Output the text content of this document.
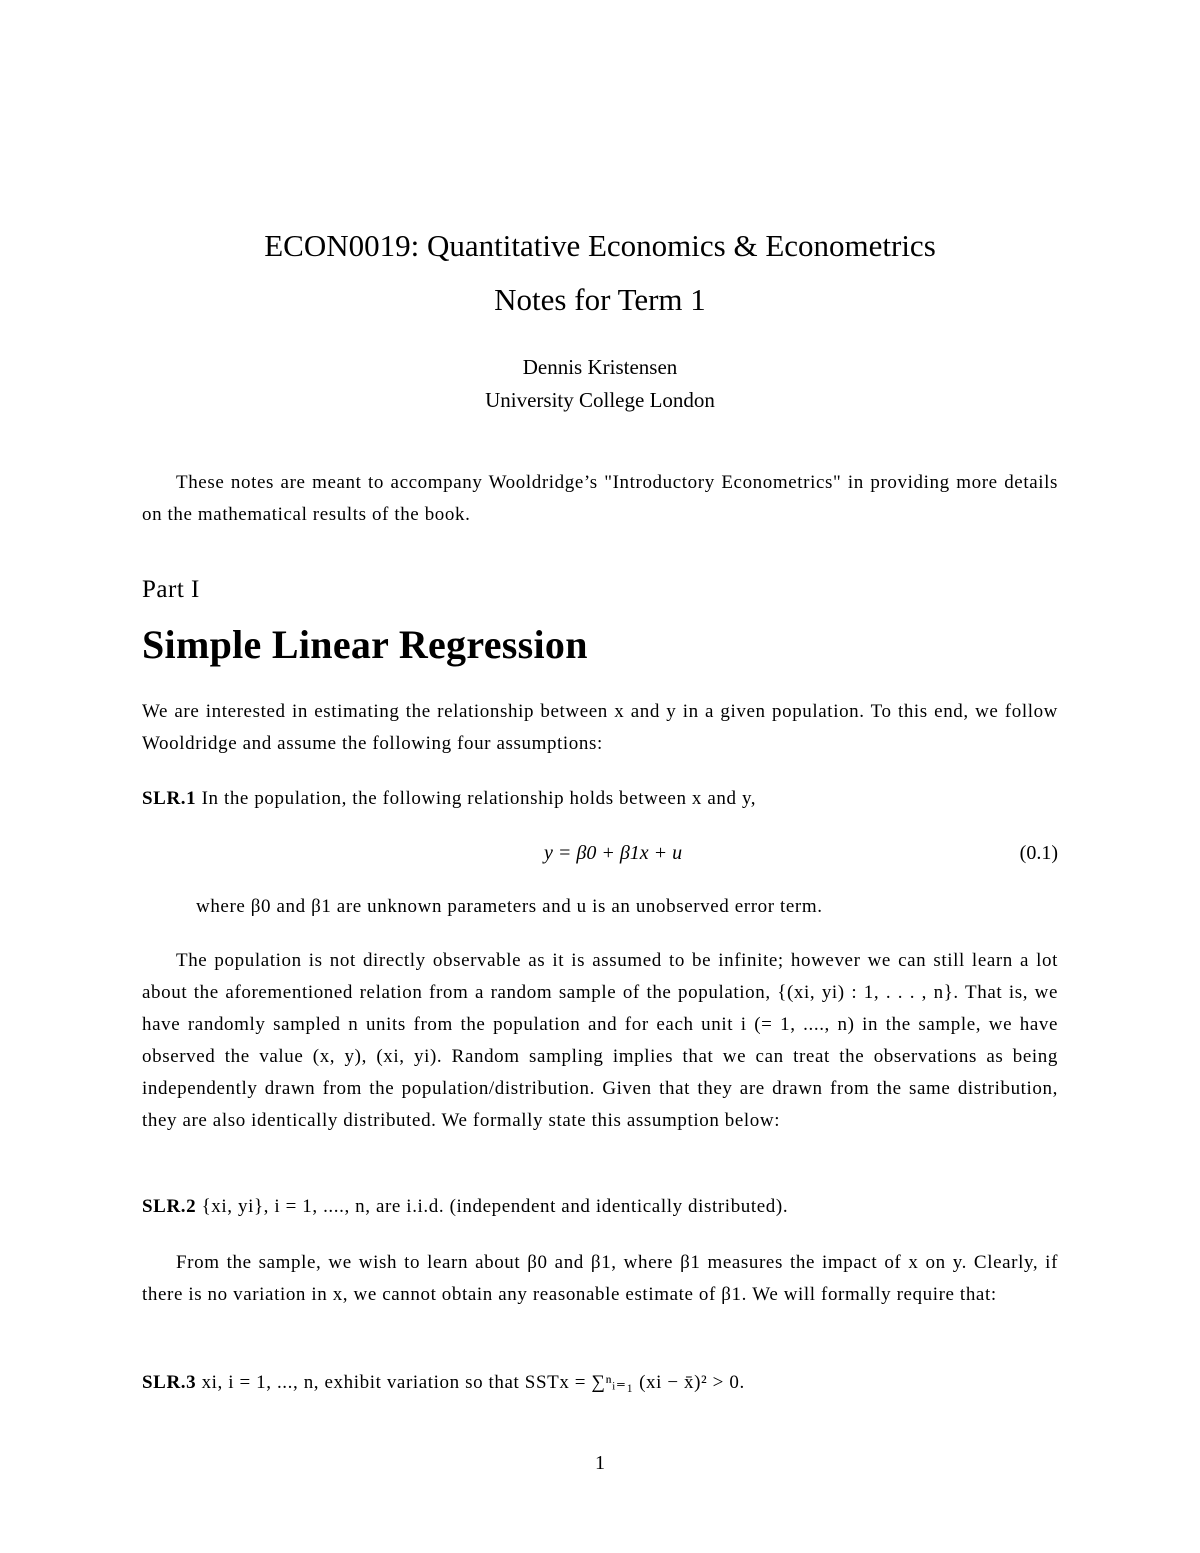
ECON0019: Quantitative Economics & Econometrics
Notes for Term 1
Dennis Kristensen
University College London
These notes are meant to accompany Wooldridge’s "Introductory Econometrics" in providing more details on the mathematical results of the book.
Part I
Simple Linear Regression
We are interested in estimating the relationship between x and y in a given population. To this end, we follow Wooldridge and assume the following four assumptions:
SLR.1 In the population, the following relationship holds between x and y,
y = β0 + β1x + u	(0.1)
where β0 and β1 are unknown parameters and u is an unobserved error term.
The population is not directly observable as it is assumed to be infinite; however we can still learn a lot about the aforementioned relation from a random sample of the population, {(xi, yi) : 1, . . . , n}. That is, we have randomly sampled n units from the population and for each unit i (= 1, ...., n) in the sample, we have observed the value (x, y), (xi, yi). Random sampling implies that we can treat the observations as being independently drawn from the population/distribution. Given that they are drawn from the same distribution, they are also identically distributed. We formally state this assumption below:
SLR.2 {xi, yi}, i = 1, ...., n, are i.i.d. (independent and identically distributed).
From the sample, we wish to learn about β0 and β1, where β1 measures the impact of x on y. Clearly, if there is no variation in x, we cannot obtain any reasonable estimate of β1. We will formally require that:
SLR.3 xi, i = 1, ..., n, exhibit variation so that SSTx = ∑ⁿᵢ₌₁ (xi − x̄)² > 0.
1
